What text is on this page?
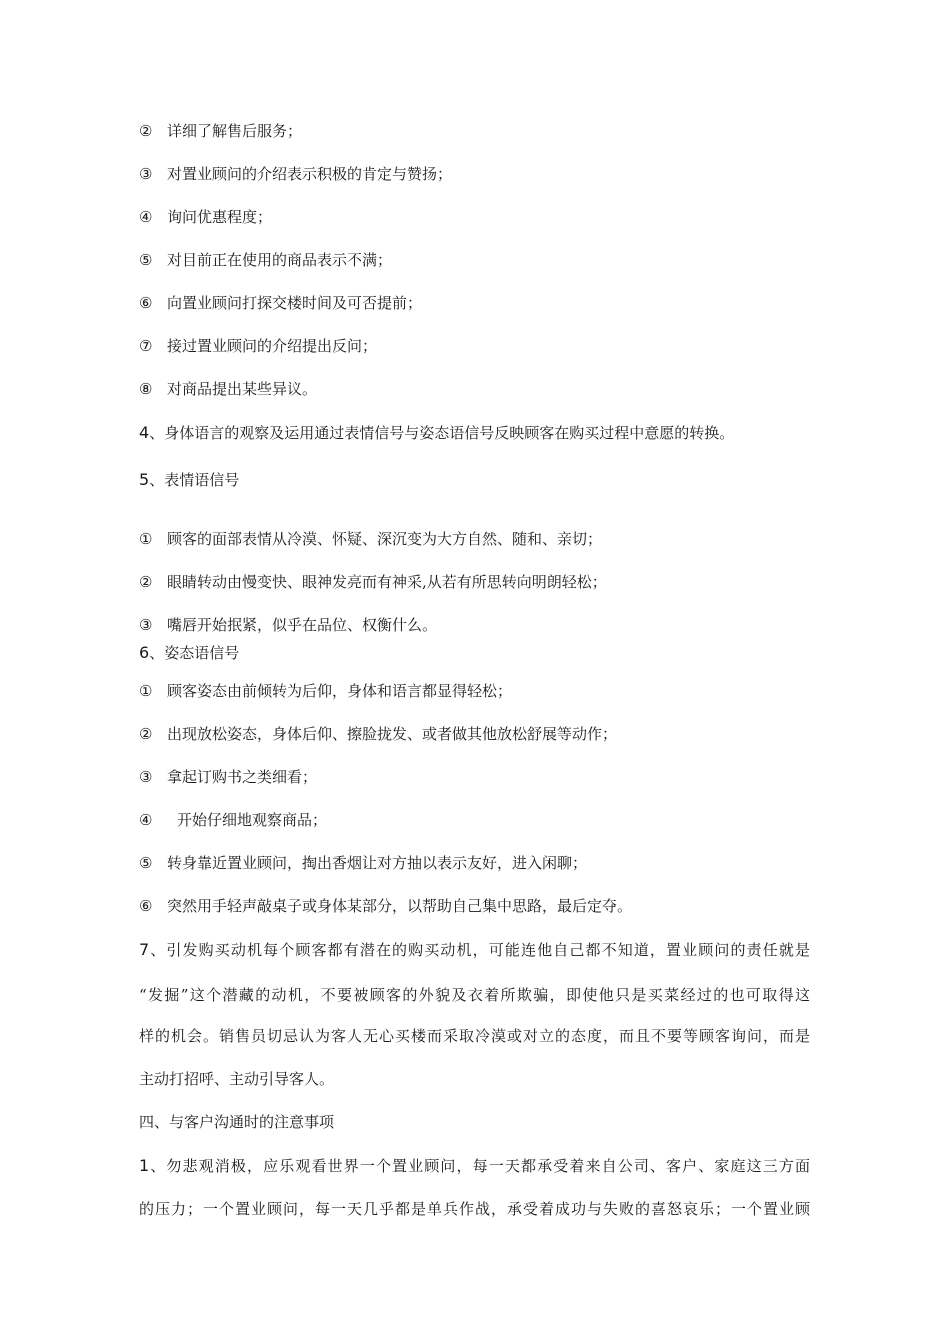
② 详细了解售后服务；
③ 对置业顾问的介绍表示积极的肯定与赞扬；
④ 询问优惠程度；
⑤ 对目前正在使用的商品表示不满；
⑥ 向置业顾问打探交楼时间及可否提前；
⑦ 接过置业顾问的介绍提出反问；
⑧ 对商品提出某些异议。
4、身体语言的观察及运用通过表情信号与姿态语信号反映顾客在购买过程中意愿的转换。
5、表情语信号
① 顾客的面部表情从冷漠、怀疑、深沉变为大方自然、随和、亲切；
② 眼睛转动由慢变快、眼神发亮而有神采,从若有所思转向明朗轻松；
③ 嘴唇开始抿紧，似乎在品位、权衡什么。
6、姿态语信号
① 顾客姿态由前倾转为后仰，身体和语言都显得轻松；
② 出现放松姿态，身体后仰、擦脸拢发、或者做其他放松舒展等动作；
③ 拿起订购书之类细看；
④ 开始仔细地观察商品；
⑤ 转身靠近置业顾问，掏出香烟让对方抽以表示友好，进入闲聊；
⑥ 突然用手轻声敲桌子或身体某部分，以帮助自己集中思路，最后定夺。
7、引发购买动机每个顾客都有潜在的购买动机，可能连他自己都不知道，置业顾问的责任就是
“发掘”这个潜藏的动机，不要被顾客的外貌及衣着所欺骗，即使他只是买菜经过的也可取得这
样的机会。销售员切忌认为客人无心买楼而采取冷漠或对立的态度，而且不要等顾客询问，而是
主动打招呼、主动引导客人。
四、与客户沟通时的注意事项
1、勿悲观消极，应乐观看世界一个置业顾问，每一天都承受着来自公司、客户、家庭这三方面
的压力；一个置业顾问，每一天几乎都是单兵作战，承受着成功与失败的喜怒哀乐；一个置业顾
